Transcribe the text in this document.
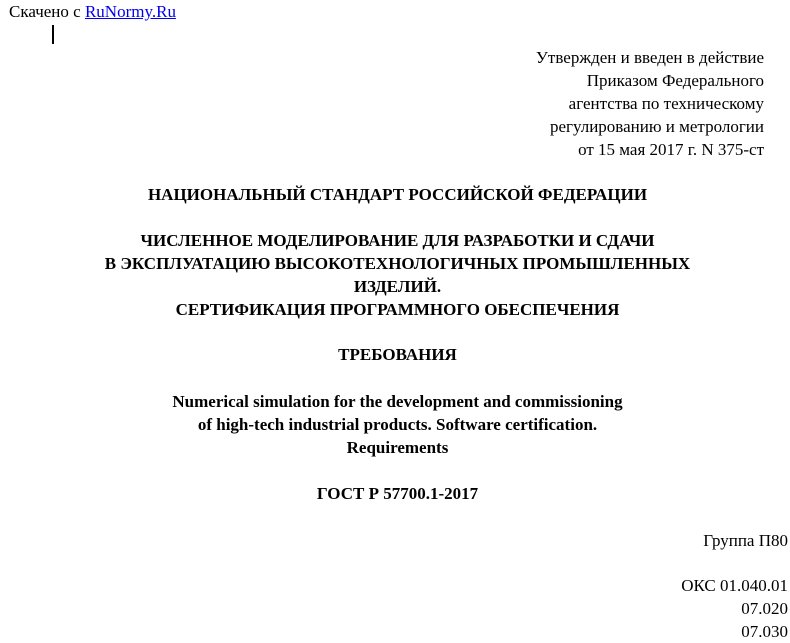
Скачено с RuNormy.Ru
Утвержден и введен в действие
Приказом Федерального
агентства по техническому
регулированию и метрологии
от 15 мая 2017 г. N 375-ст
НАЦИОНАЛЬНЫЙ СТАНДАРТ РОССИЙСКОЙ ФЕДЕРАЦИИ
ЧИСЛЕННОЕ МОДЕЛИРОВАНИЕ ДЛЯ РАЗРАБОТКИ И СДАЧИ
В ЭКСПЛУАТАЦИЮ ВЫСОКОТЕХНОЛОГИЧНЫХ ПРОМЫШЛЕННЫХ
ИЗДЕЛИЙ.
СЕРТИФИКАЦИЯ ПРОГРАММНОГО ОБЕСПЕЧЕНИЯ
ТРЕБОВАНИЯ
Numerical simulation for the development and commissioning
of high-tech industrial products. Software certification.
Requirements
ГОСТ Р 57700.1-2017
Группа П80
ОКС 01.040.01
07.020
07.030
